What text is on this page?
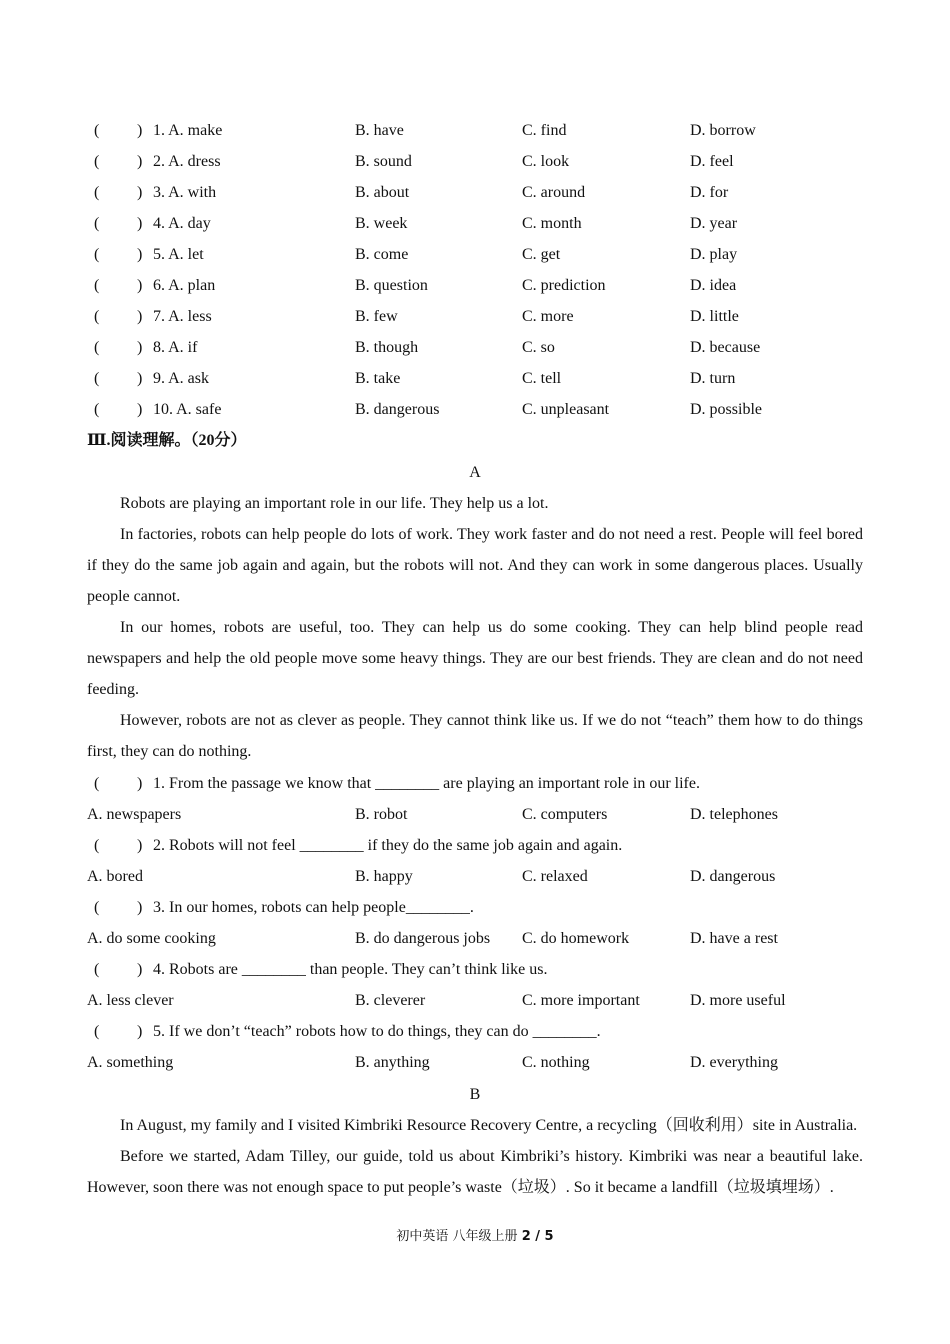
( ) 1. A. make	B. have	C. find	D. borrow
( ) 2. A. dress	B. sound	C. look	D. feel
( ) 3. A. with	B. about	C. around	D. for
( ) 4. A. day	B. week	C. month	D. year
( ) 5. A. let	B. come	C. get	D. play
( ) 6. A. plan	B. question	C. prediction	D. idea
( ) 7. A. less	B. few	C. more	D. little
( ) 8. A. if	B. though	C. so	D. because
( ) 9. A. ask	B. take	C. tell	D. turn
( ) 10. A. safe	B. dangerous	C. unpleasant	D. possible
Ⅲ.阅读理解。（20分）
A
Robots are playing an important role in our life. They help us a lot.
In factories, robots can help people do lots of work. They work faster and do not need a rest. People will feel bored if they do the same job again and again, but the robots will not. And they can work in some dangerous places. Usually people cannot.
In our homes, robots are useful, too. They can help us do some cooking. They can help blind people read newspapers and help the old people move some heavy things. They are our best friends. They are clean and do not need feeding.
However, robots are not as clever as people. They cannot think like us. If we do not “teach” them how to do things first, they can do nothing.
( ) 1. From the passage we know that ________ are playing an important role in our life.
A. newspapers	B. robot	C. computers	D. telephones
( ) 2. Robots will not feel ________ if they do the same job again and again.
A. bored	B. happy	C. relaxed	D. dangerous
( ) 3. In our homes, robots can help people________.
A. do some cooking	B. do dangerous jobs C. do homework	D. have a rest
( ) 4. Robots are ________ than people. They can’t think like us.
A. less clever	B. cleverer	C. more important	D. more useful
( ) 5. If we don’t “teach” robots how to do things, they can do ________.
A. something	B. anything	C. nothing	D. everything
B
In August, my family and I visited Kimbriki Resource Recovery Centre, a recycling（回收利用）site in Australia.
Before we started, Adam Tilley, our guide, told us about Kimbriki’s history. Kimbriki was near a beautiful lake. However, soon there was not enough space to put people’s waste（垃圾）. So it became a landfill（垃圾填埋场）.
初中英语 八年级上册 2 / 5
